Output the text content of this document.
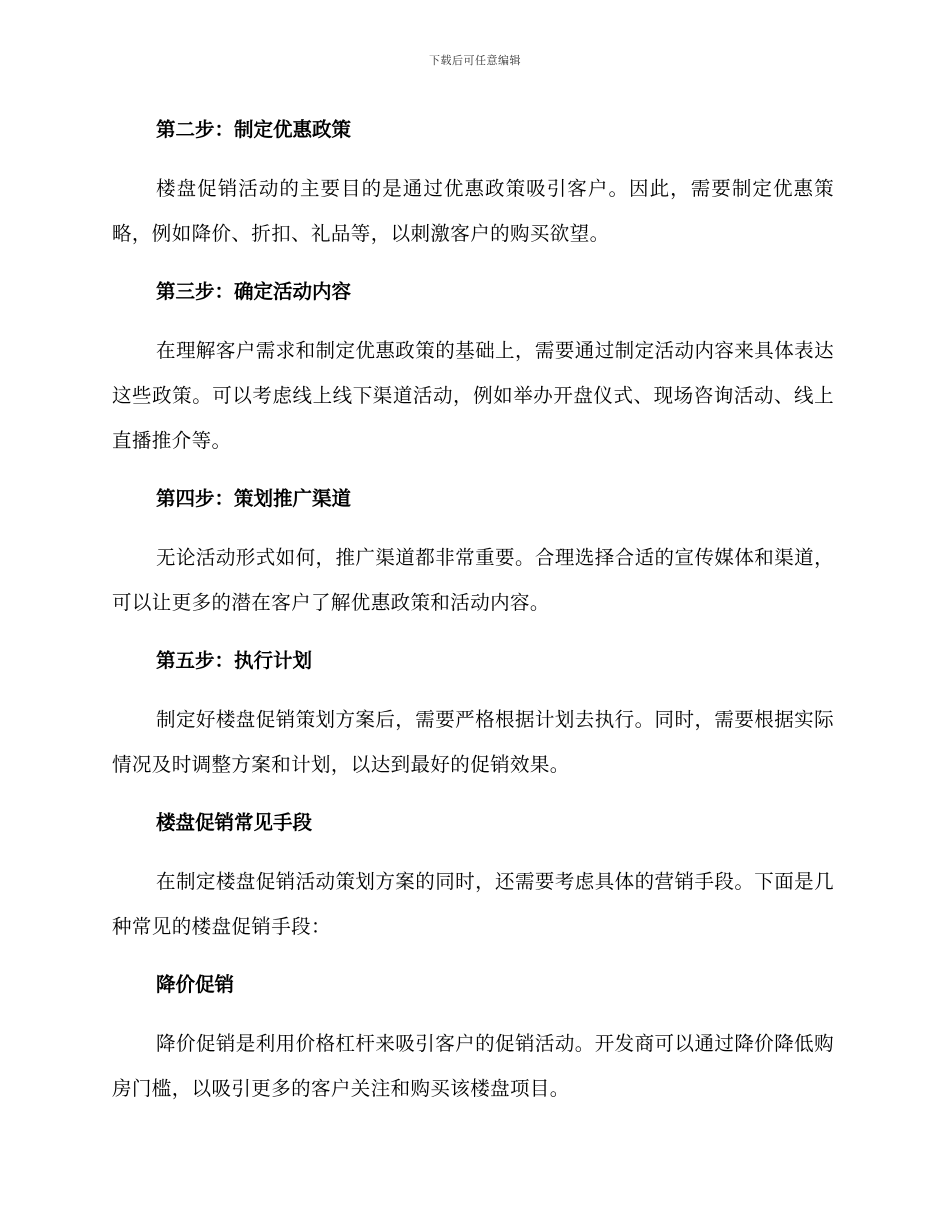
下载后可任意编辑
第二步：制定优惠政策

楼盘促销活动的主要目的是通过优惠政策吸引客户。因此，需要制定优惠策略，例如降价、折扣、礼品等，以刺激客户的购买欲望。

第三步：确定活动内容

在理解客户需求和制定优惠政策的基础上，需要通过制定活动内容来具体表达这些政策。可以考虑线上线下渠道活动，例如举办开盘仪式、现场咨询活动、线上直播推介等。

第四步：策划推广渠道

无论活动形式如何，推广渠道都非常重要。合理选择合适的宣传媒体和渠道，可以让更多的潜在客户了解优惠政策和活动内容。

第五步：执行计划

制定好楼盘促销策划方案后，需要严格根据计划去执行。同时，需要根据实际情况及时调整方案和计划，以达到最好的促销效果。

楼盘促销常见手段

在制定楼盘促销活动策划方案的同时，还需要考虑具体的营销手段。下面是几种常见的楼盘促销手段：

降价促销

降价促销是利用价格杠杆来吸引客户的促销活动。开发商可以通过降价降低购房门槛，以吸引更多的客户关注和购买该楼盘项目。
